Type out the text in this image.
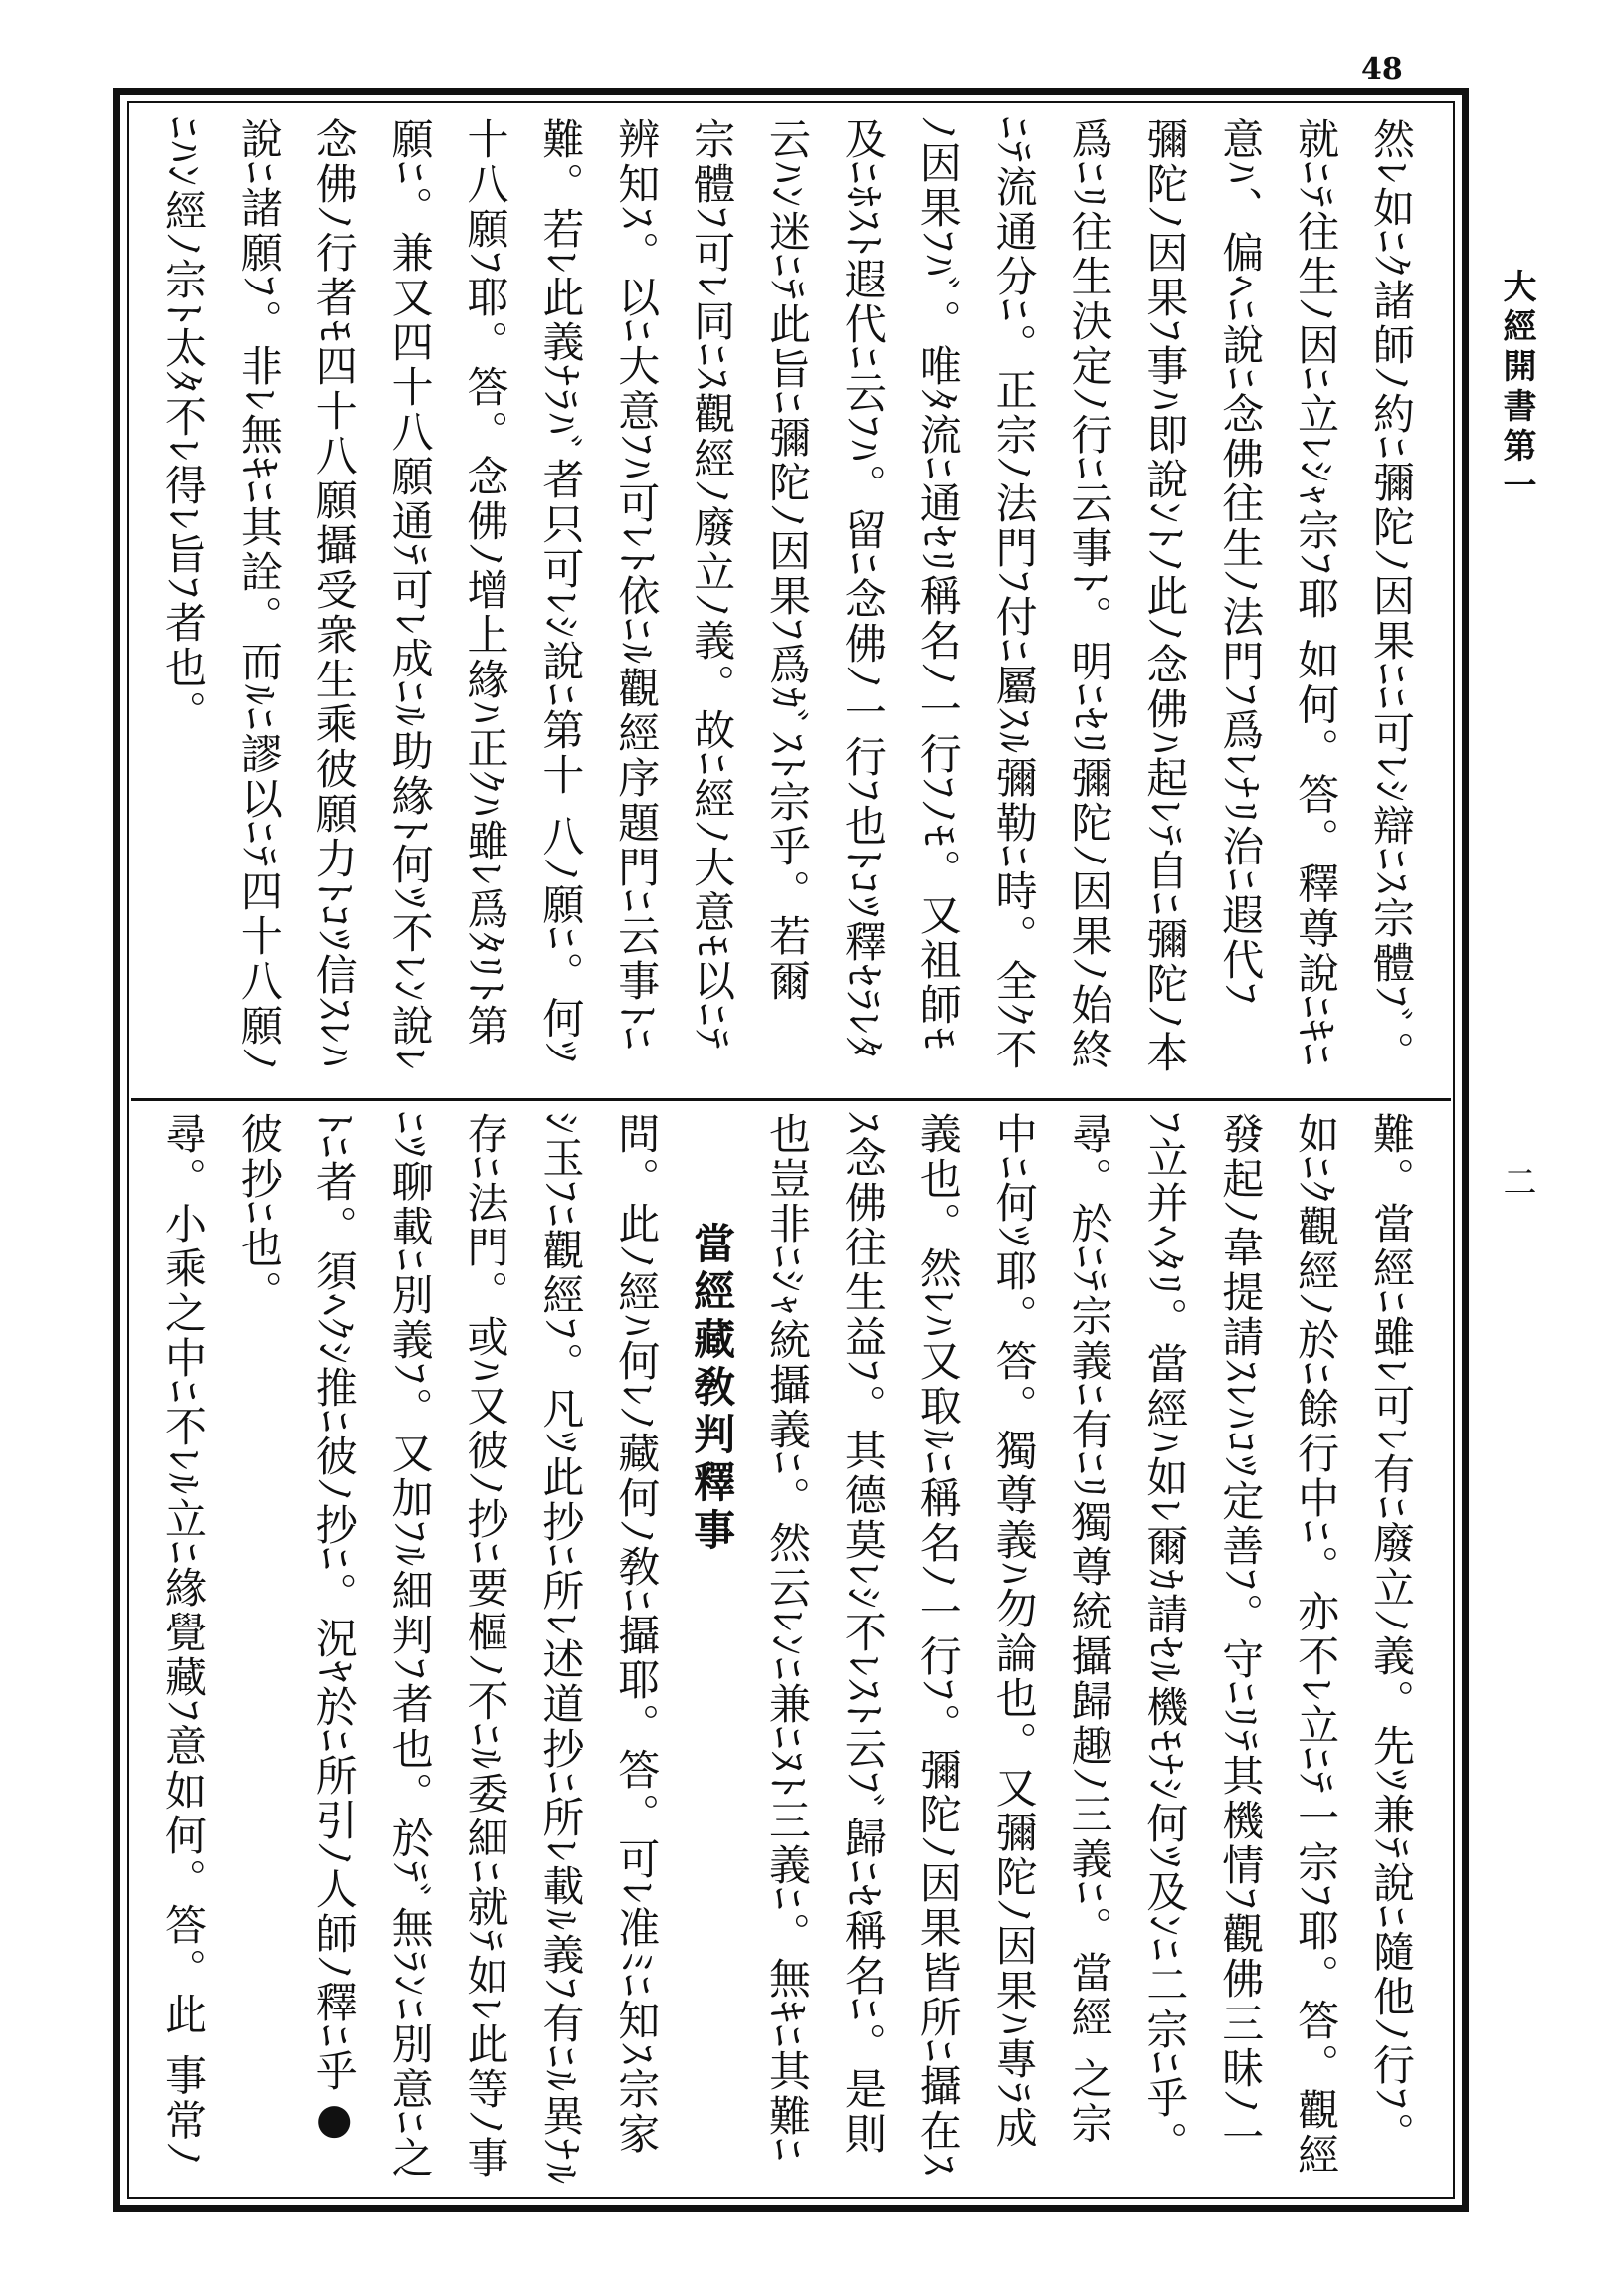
48
大經開書第一
二
然ﾚ如ﾆｸ諸師ﾉ約ﾆ彌陀ﾉ因果ﾆﾆ可ﾚｼ辯ﾆｽ宗體ﾌﾞ。
就ﾆﾃ往生ﾉ因ﾆ立ﾚｼｬ宗ﾌ耶 如何。答。釋尊說ﾆｷﾆ
意ﾊ、偏ﾍﾆ說ﾆ念佛往生ﾉ法門ﾌ爲ﾚﾅﾘ治ﾆ遐代ﾌ
彌陀ﾉ因果ﾌ事ﾊ即說ﾝﾄﾉ此ﾉ念佛ﾊ起ﾚﾃ自ﾆ彌陀ﾉ本
爲ﾆﾘ往生決定ﾉ行ﾆ云事ﾄ。明ﾆｾﾘ彌陀ﾉ因果ﾉ始終
ﾆﾃ流通分ﾆ。正宗ﾉ法門ﾌ付ﾆ屬ｽﾙ彌勒ﾆ時。全ｸ不
ﾉ因果ﾌﾊﾞ。唯ﾀ流ﾆ通ｾﾘ稱名ﾉ一行ﾌﾉﾓ。又祖師ﾓ
及ﾆﾎｽﾄ遐代ﾆ云ﾌﾊ。留ﾆ念佛ﾉ一行ﾌ也ﾄｺﾂ釋ｾﾗﾚﾀ
云ﾊﾝ迷ﾆﾃ此旨ﾆ彌陀ﾉ因果ﾌ爲ｶﾞｽﾄ宗乎。若爾
宗體ﾌ可ﾚ同ﾆｽ觀經ﾉ廢立ﾉ義。故ﾆ經ﾉ大意ﾓ以ﾆﾃ
辨知ｽ。以ﾆ大意ﾌﾊ可ﾚﾄ依ﾆﾙ觀經序題門ﾆ云事ﾄﾆ
難。若ﾚ此義ﾅﾗﾊﾞ者只可ﾚｼ說ﾆ第十 八ﾉ願ﾆ。何ﾂ
十八願ﾌ耶。答。念佛ﾉ增上緣ﾊ正ｸﾊ雖ﾚ爲ﾀﾘﾄ第
願ﾆ。兼又四十八願通ﾃ可ﾚ成ﾆﾙ助緣ﾄ何ﾂ不ﾚﾝ說ﾚ
念佛ﾉ行者ﾓ四十八願攝受衆生乘彼願力ﾄｺﾂ信ｽﾚﾊ
說ﾆ諸願ﾌ。非ﾚ無ｷﾆ其詮。而ﾙﾆ謬以ﾆﾃ四十八願ﾉ
ﾆﾊﾝ經ﾉ宗ﾄ太ﾀ不ﾚ得ﾚ旨ﾌ者也。
難。當經ﾆ雖ﾚ可ﾚ有ﾆ廢立ﾉ義。先ﾂ兼ﾃ說ﾆ隨他ﾉ行ﾌ。
如ﾆｸ觀經ﾉ於ﾆ餘行中ﾆ。亦不ﾚ立ﾆﾃ一宗ﾌ耶。答。觀經
發起ﾉ韋提請ｽﾚﾊｺﾂ定善ﾌ。守ﾆﾘﾃ其機情ﾌ觀佛三昧ﾉ一
ﾌ立并ﾍﾀﾘ。當經ﾊ如ﾚ爾ｶ請ｾﾙ機ﾓﾅｼ何ﾂ及ﾝﾆ二宗ﾆ乎。
尋。於ﾆﾃ宗義ﾆ有ﾆﾘ獨尊統攝歸趣ﾉ三義ﾆ。當經 之宗
中ﾆ何ﾂ耶。答。獨尊義ﾊ勿論也。又彌陀ﾉ因果ﾊ專ﾗ成
義也。然ﾚﾊ又取ﾙﾆ稱名ﾉ一行ﾌ。彌陀ﾉ因果皆所ﾆ攝在ｽ
ｽ念佛往生益ﾌ。其德莫ﾚｼ不ﾚｽﾄ云ﾌﾞ歸ﾆｾ稱名ﾆ。是則
也豈非ﾆｼｬ統攝義ﾆ。然云ﾚﾝﾆ兼ﾆﾇﾄ三義ﾆ。無ｷﾆ其難ﾆ
當經藏敎判釋事
問。此ﾉ經ﾊ何ﾚﾉ藏何ﾉ敎ﾆ攝耶。答。可ﾚ准ﾐﾆ知ｽ宗家
ｼ玉ﾌﾆ觀經ﾌ。凡ﾂ此抄ﾆ所ﾚ述道抄ﾆ所ﾚ載ﾙ義ﾌ有ﾆﾙ異ﾅﾙ
存ﾆ法門。或ﾊ又彼ﾉ抄ﾆ要樞ﾉ不ﾆﾙ委細ﾆ就ﾃ如ﾚ此等ﾉ事
ﾆﾂ聊載ﾆ別義ﾌ。又加ﾌﾙ細判ﾌ者也。於ﾃﾞ無ﾗﾝﾆ別意ﾆ之
ﾄﾆ者。須ﾍｸｼ推ﾆ彼ﾉ抄ﾆ。況ﾔ於ﾆ所引ﾉ人師ﾉ釋ﾆ乎●
彼抄ﾆ也。
尋。小乘之中ﾆ不ﾚﾙ立ﾆ緣覺藏ﾌ意如何。答。此 事常ﾉ
